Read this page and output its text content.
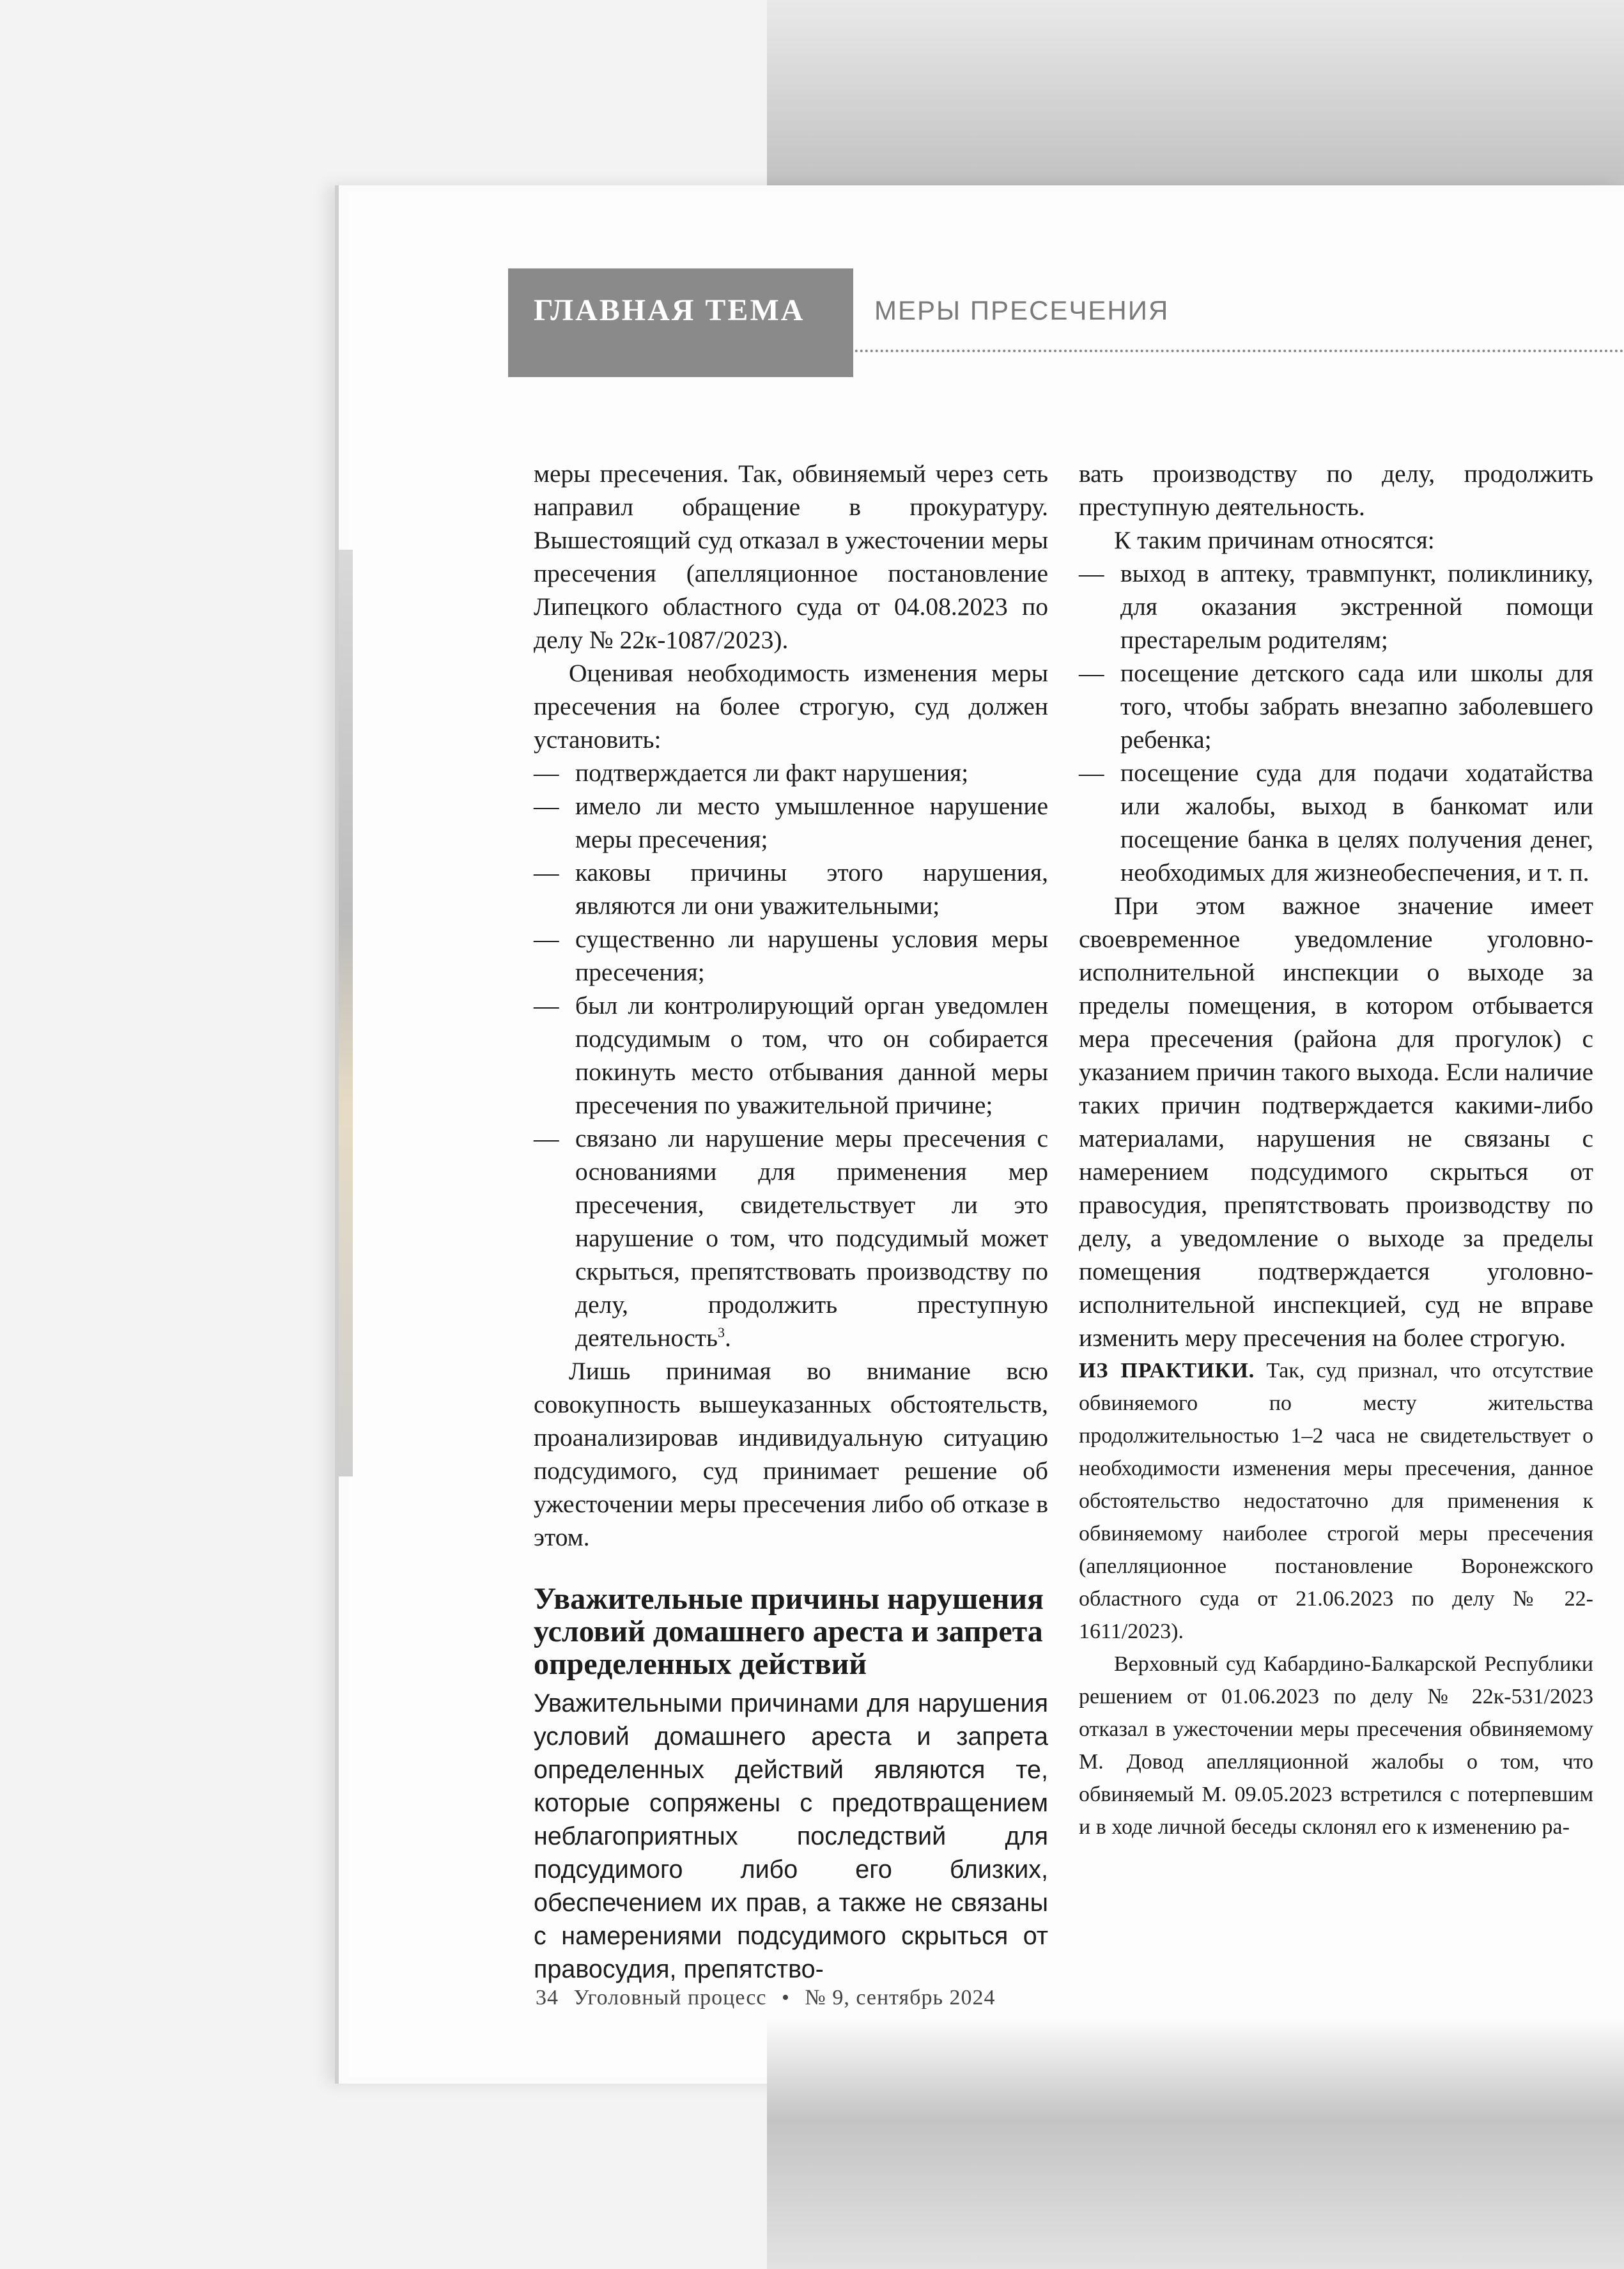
ГЛАВНАЯ ТЕМА	МЕРЫ ПРЕСЕЧЕНИЯ

меры пресечения. Так, обвиняемый через сеть направил обращение в прокуратуру. Вышестоящий суд отказал в ужесточении меры пресечения (апелляционное постановление Липецкого областного суда от 04.08.2023 по делу № 22к-1087/2023).

Оценивая необходимость изменения меры пресечения на более строгую, суд должен установить:

— подтверждается ли факт нарушения;

— имело ли место умышленное нарушение меры пресечения;

— каковы причины этого нарушения, являются ли они уважительными;

— существенно ли нарушены условия меры пресечения;

— был ли контролирующий орган уведомлен подсудимым о том, что он собирается покинуть место отбывания данной меры пресечения по уважительной причине;

— связано ли нарушение меры пресечения с основаниями для применения мер пресечения, свидетельствует ли это нарушение о том, что подсудимый может скрыться, препятствовать производству по делу, продолжить преступную деятельность$^3$.

Лишь принимая во внимание всю совокупность вышеуказанных обстоятельств, проанализировав индивидуальную ситуацию подсудимого, суд принимает решение об ужесточении меры пресечения либо об отказе в этом.

Уважительные причины нарушения условий домашнего ареста и запрета определенных действий

Уважительными причинами для нарушения условий домашнего ареста и запрета определенных действий являются те, которые сопряжены с предотвращением неблагоприятных последствий для подсудимого либо его близких, обеспечением их прав, а также не связаны с намерениями подсудимого скрыться от правосудия, препятство-

вать производству по делу, продолжить преступную деятельность.

К таким причинам относятся:

— выход в аптеку, травмпункт, поликлинику, для оказания экстренной помощи престарелым родителям;

— посещение детского сада или школы для того, чтобы забрать внезапно заболевшего ребенка;

— посещение суда для подачи ходатайства или жалобы, выход в банкомат или посещение банка в целях получения денег, необходимых для жизнеобеспечения, и т. п.

При этом важное значение имеет своевременное уведомление уголовно-исполнительной инспекции о выходе за пределы помещения, в котором отбывается мера пресечения (района для прогулок) с указанием причин такого выхода. Если наличие таких причин подтверждается какими-либо материалами, нарушения не связаны с намерением подсудимого скрыться от правосудия, препятствовать производству по делу, а уведомление о выходе за пределы помещения подтверждается уголовно-исполнительной инспекцией, суд не вправе изменить меру пресечения на более строгую.

ИЗ ПРАКТИКИ. Так, суд признал, что отсутствие обвиняемого по месту жительства продолжительностью 1–2 часа не свидетельствует о необходимости изменения меры пресечения, данное обстоятельство недостаточно для применения к обвиняемому наиболее строгой меры пресечения (апелляционное постановление Воронежского областного суда от 21.06.2023 по делу № 22-1611/2023).

Верховный суд Кабардино-Балкарской Республики решением от 01.06.2023 по делу № 22к-531/2023 отказал в ужесточении меры пресечения обвиняемому М. Довод апелляционной жалобы о том, что обвиняемый М. 09.05.2023 встретился с потерпевшим и в ходе личной беседы склонял его к изменению ра-

34 Уголовный процесс • № 9, сентябрь 2024
